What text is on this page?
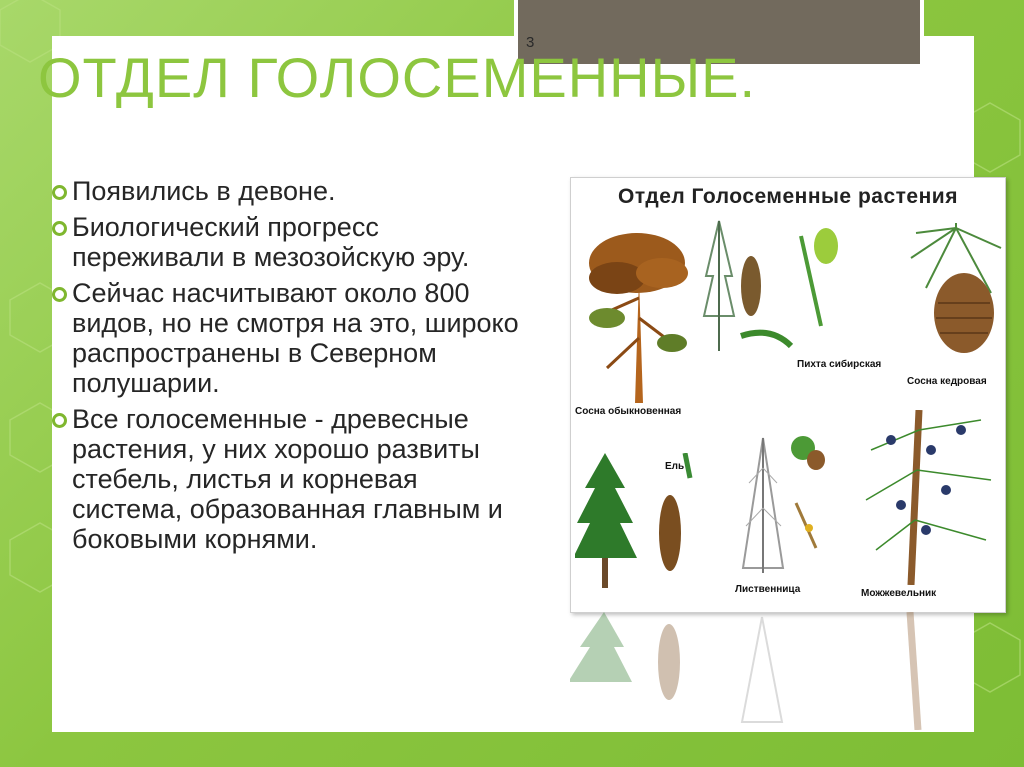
3
ОТДЕЛ ГОЛОСЕМЕННЫЕ.
Появились в девоне.
Биологический прогресс переживали в мезозойскую эру.
Сейчас насчитывают около 800 видов, но не смотря на это, широко распространены в Северном полушарии.
Все голосеменные - древесные растения, у них хорошо развиты стебель, листья и корневая система, образованная главным и боковыми корнями.
Отдел Голосеменные растения
Сосна обыкновенная
Пихта сибирская
Сосна кедровая
Ель
Лиственница	Можжевельник
